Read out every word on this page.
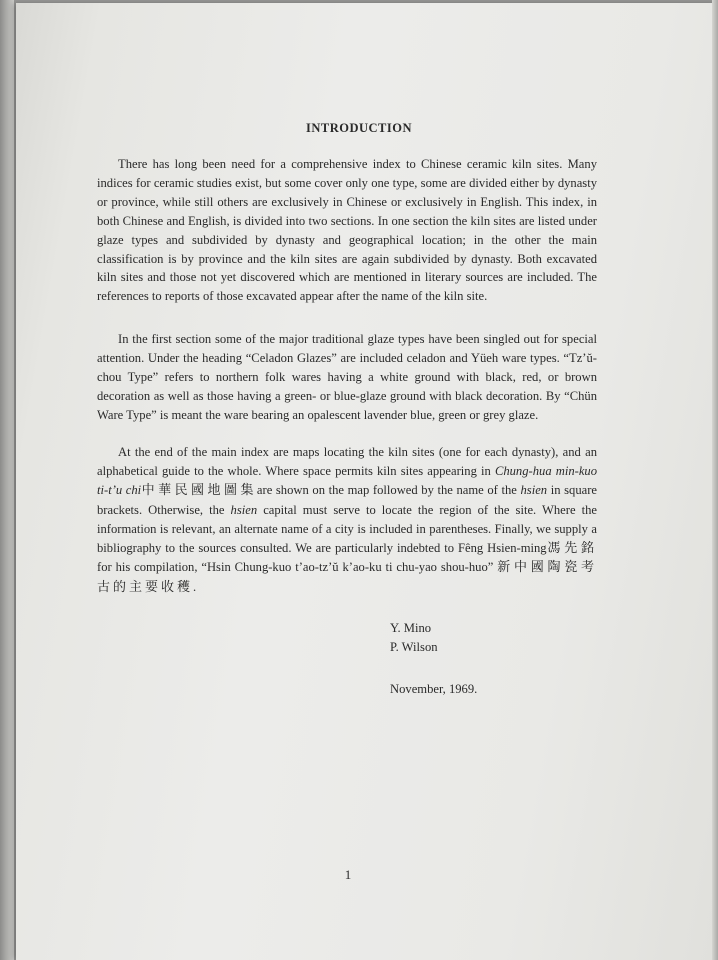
INTRODUCTION

There has long been need for a comprehensive index to Chinese ceramic kiln sites. Many indices for ceramic studies exist, but some cover only one type, some are divided either by dynasty or province, while still others are exclusively in Chinese or exclusively in English. This index, in both Chinese and English, is divided into two sections. In one section the kiln sites are listed under glaze types and subdivided by dynasty and geographical location; in the other the main classification is by province and the kiln sites are again subdivided by dynasty. Both excavated kiln sites and those not yet discovered which are mentioned in literary sources are included. The references to reports of those excavated appear after the name of the kiln site.

In the first section some of the major traditional glaze types have been singled out for special attention. Under the heading “Celadon Glazes” are included celadon and Yüeh ware types. “Tz’ŭ-chou Type” refers to northern folk wares having a white ground with black, red, or brown decoration as well as those having a green- or blue-glaze ground with black decoration. By “Chün Ware Type” is meant the ware bearing an opalescent lavender blue, green or grey glaze.

At the end of the main index are maps locating the kiln sites (one for each dynasty), and an alphabetical guide to the whole. Where space permits kiln sites appearing in Chung-hua min-kuo ti-t’u chi中華民國地圖集are shown on the map followed by the name of the hsien in square brackets. Otherwise, the hsien capital must serve to locate the region of the site. Where the information is relevant, an alternate name of a city is included in parentheses. Finally, we supply a bibliography to the sources consulted. We are particularly indebted to Fêng Hsien-ming馮先銘for his compilation, “Hsin Chung-kuo t’ao-tz’ŭ k’ao-ku ti chu-yao shou-huo” 新中國陶瓷考古的主要收穫.

Y. Mino
P. Wilson
November, 1969.
1
